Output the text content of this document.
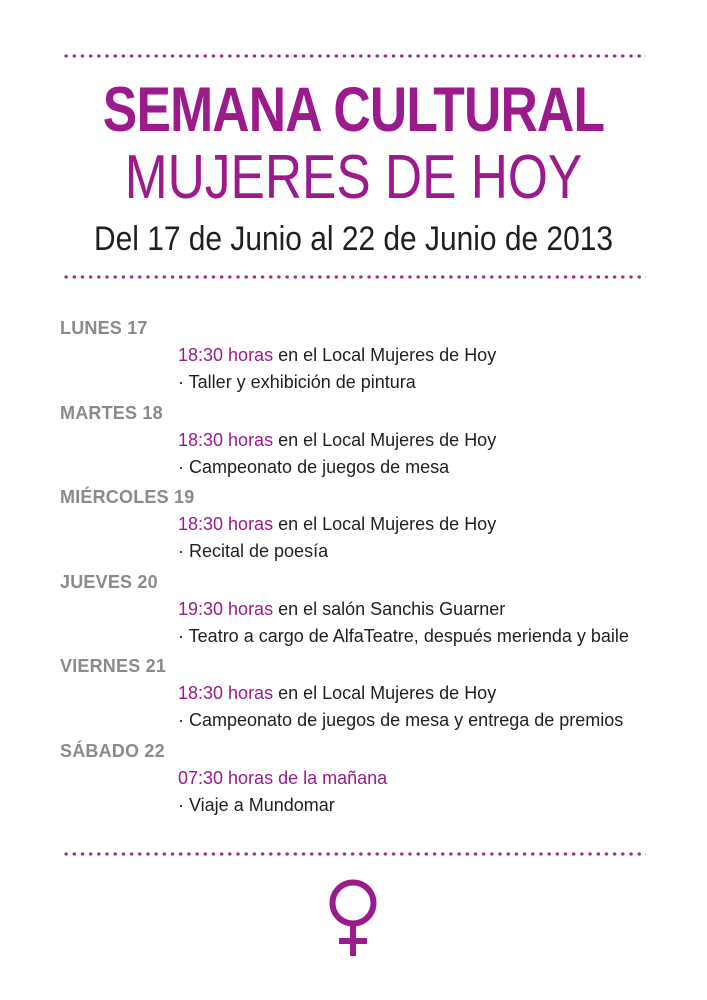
SEMANA CULTURAL
MUJERES DE HOY
Del 17 de Junio al 22 de Junio de 2013
LUNES 17
18:30 horas en el Local Mujeres de Hoy
· Taller y exhibición de pintura
MARTES 18
18:30 horas en el Local Mujeres de Hoy
· Campeonato de juegos de mesa
MIÉRCOLES 19
18:30 horas en el Local Mujeres de Hoy
· Recital de poesía
JUEVES 20
19:30 horas en el salón Sanchis Guarner
· Teatro a cargo de AlfaTeatre, después merienda y baile
VIERNES 21
18:30 horas en el Local Mujeres de Hoy
· Campeonato de juegos de mesa y entrega de premios
SÁBADO 22
07:30 horas de la mañana
· Viaje a Mundomar
